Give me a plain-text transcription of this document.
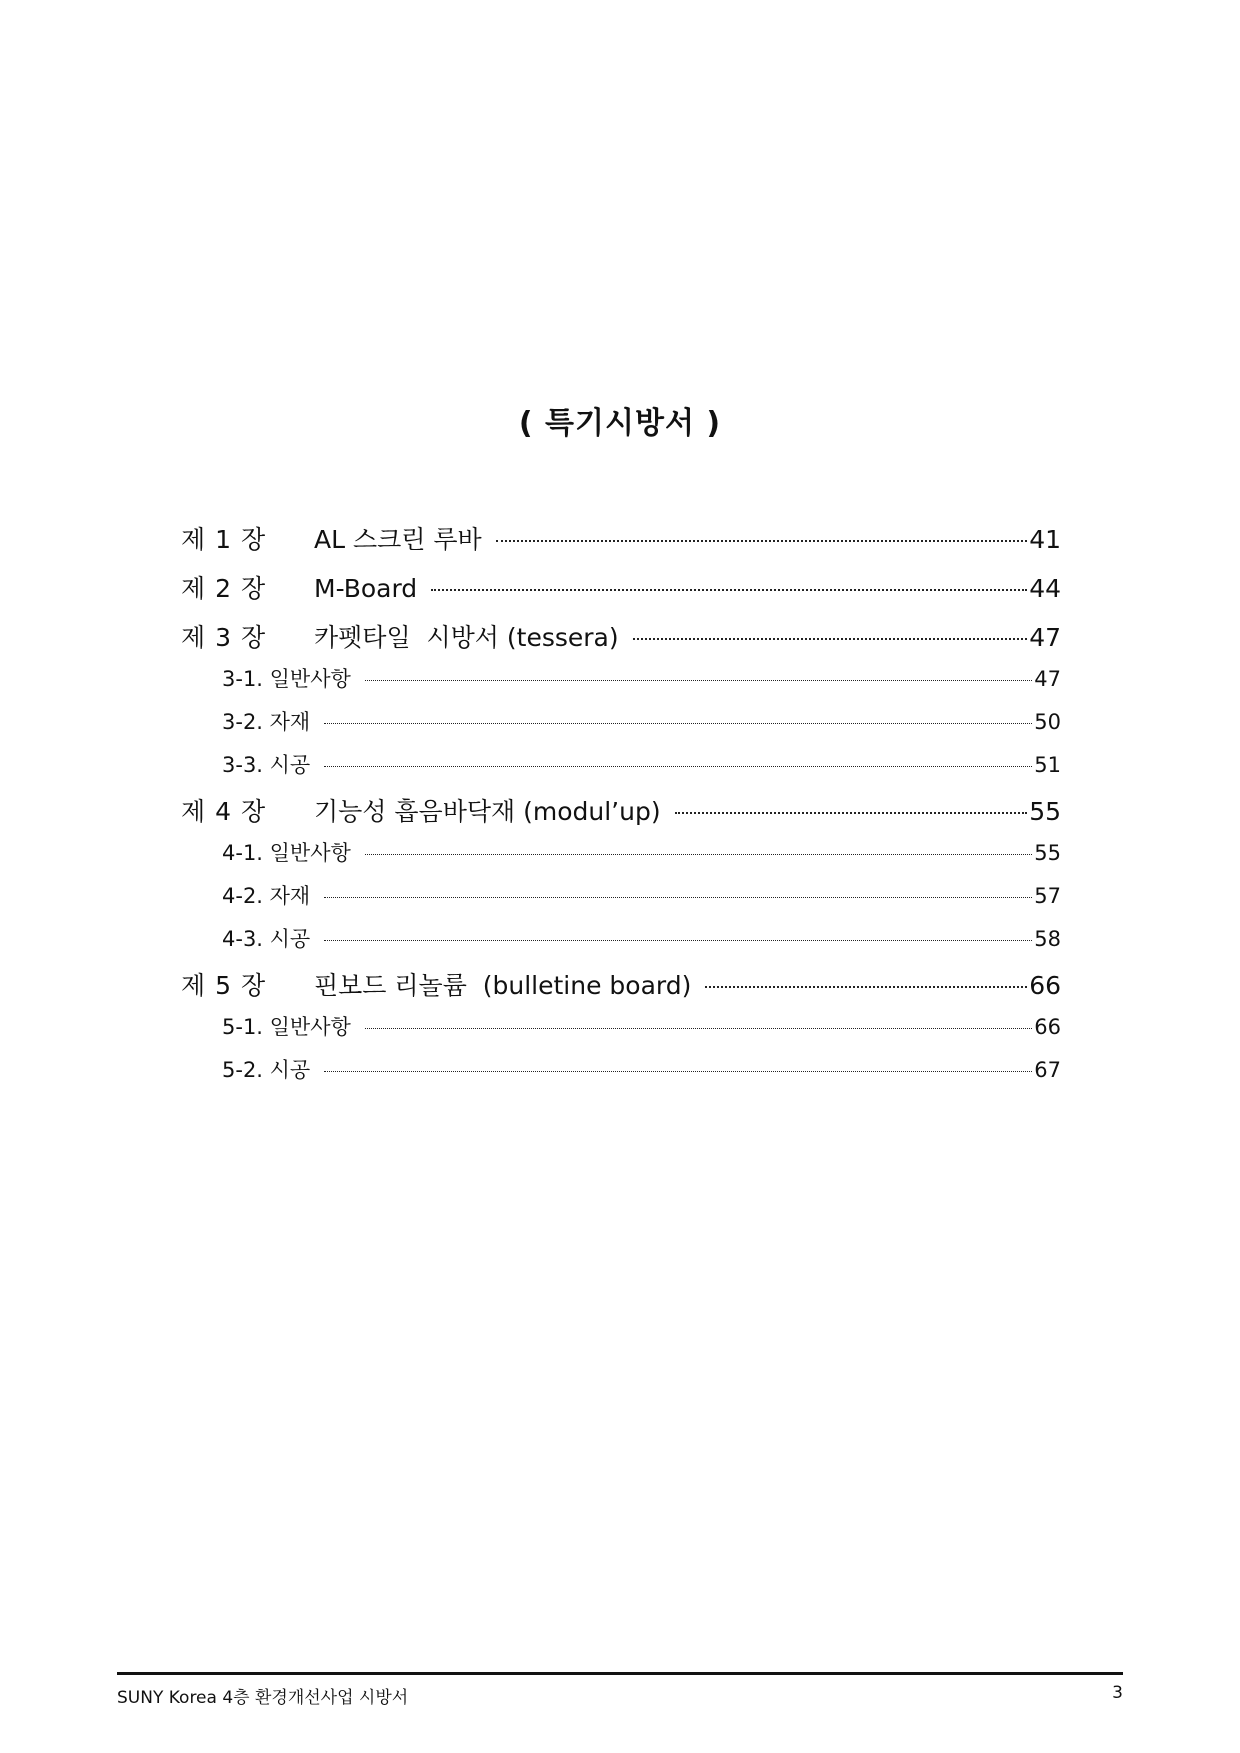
( 특기시방서 )
제 1 장	AL 스크린 루바	41
제 2 장	M-Board	44
제 3 장	카펫타일  시방서 (tessera)	47
3-1. 일반사항	47
3-2. 자재	50
3-3. 시공	51
제 4 장	기능성 흡음바닥재 (modul’up)	55
4-1. 일반사항	55
4-2. 자재	57
4-3. 시공	58
제 5 장	핀보드 리놀륨  (bulletine board)	66
5-1. 일반사항	66
5-2. 시공	67
SUNY Korea 4층 환경개선사업 시방서	3
